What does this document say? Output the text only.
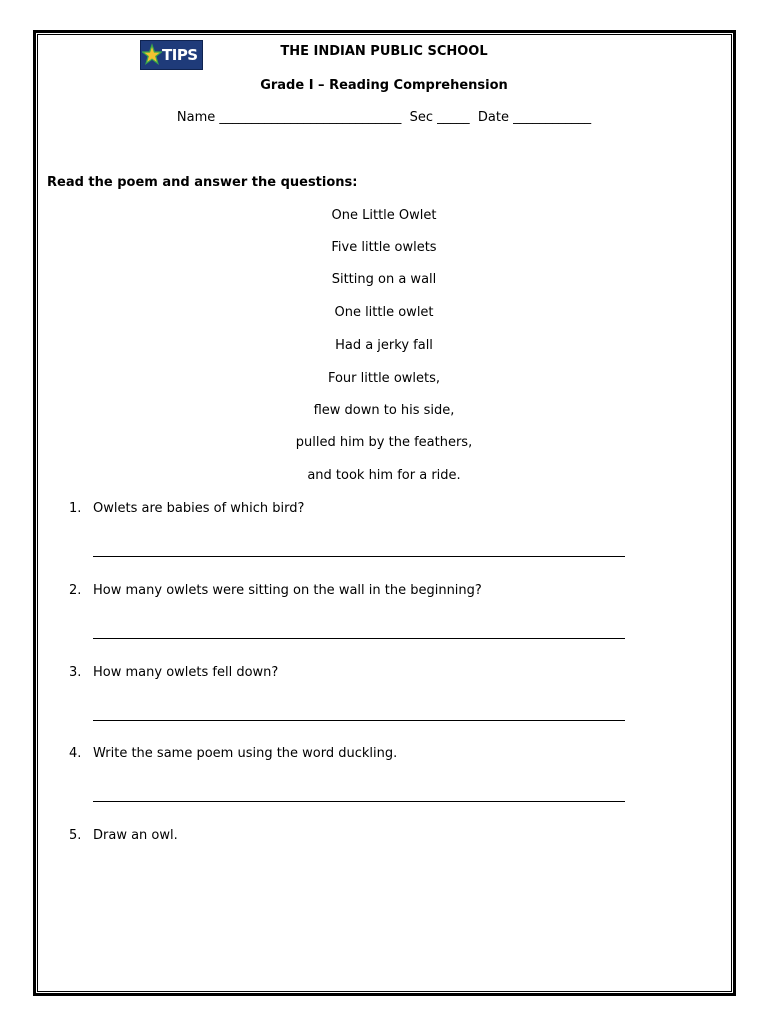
TIPS	THE INDIAN PUBLIC SCHOOL
Grade I – Reading Comprehension
Name ____________________________  Sec _____  Date ____________
Read the poem and answer the questions:
One Little Owlet
Five little owlets
Sitting on a wall
One little owlet
Had a jerky fall
Four little owlets,
flew down to his side,
pulled him by the feathers,
and took him for a ride.
1. Owlets are babies of which bird?
2. How many owlets were sitting on the wall in the beginning?
3. How many owlets fell down?
4. Write the same poem using the word duckling.
5. Draw an owl.
